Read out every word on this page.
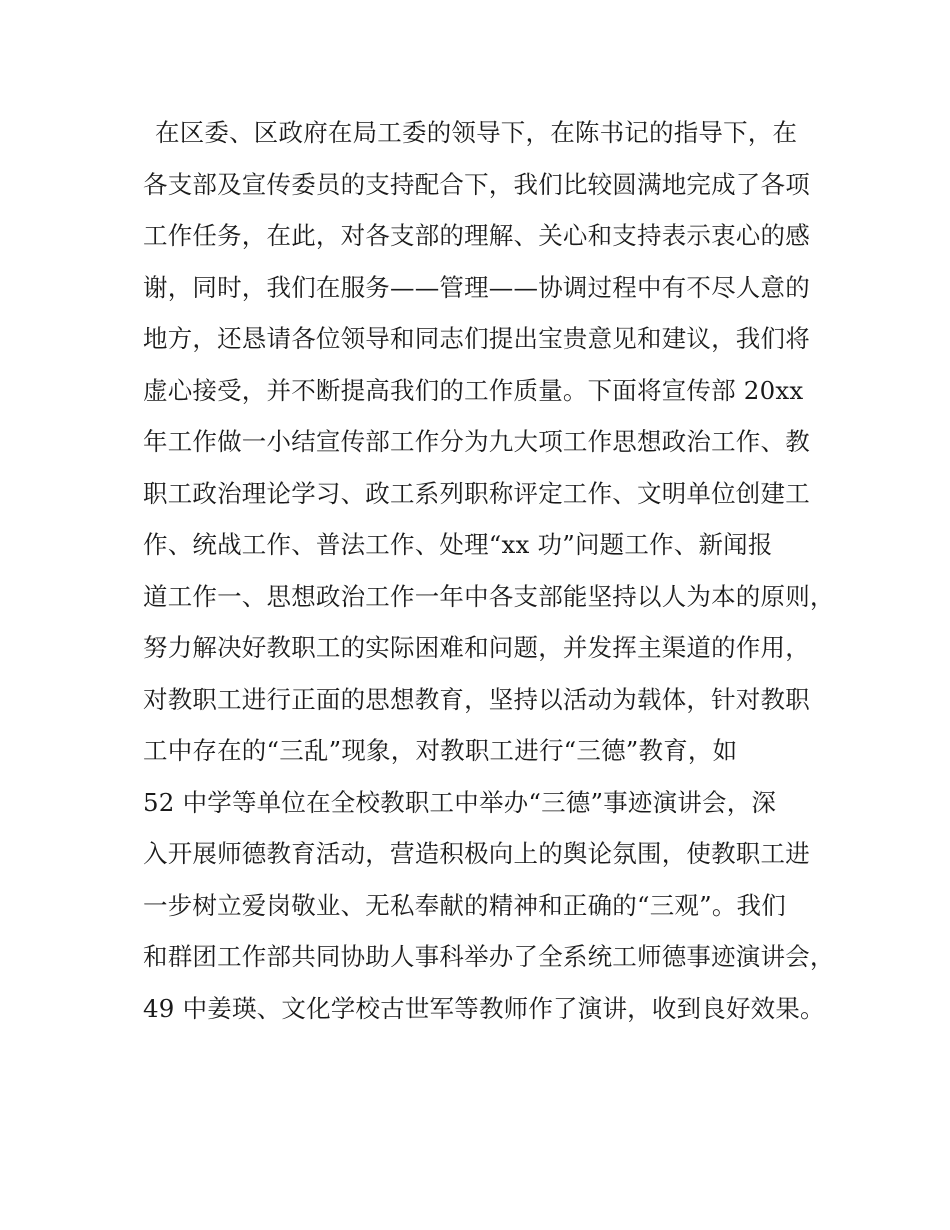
在区委、区政府在局工委的领导下，在陈书记的指导下，在
各支部及宣传委员的支持配合下，我们比较圆满地完成了各项
工作任务，在此，对各支部的理解、关心和支持表示衷心的感
谢，同时，我们在服务——管理——协调过程中有不尽人意的
地方，还恳请各位领导和同志们提出宝贵意见和建议，我们将
虚心接受，并不断提高我们的工作质量。下面将宣传部 20xx
年工作做一小结宣传部工作分为九大项工作思想政治工作、教
职工政治理论学习、政工系列职称评定工作、文明单位创建工
作、统战工作、普法工作、处理“xx 功”问题工作、新闻报
道工作一、思想政治工作一年中各支部能坚持以人为本的原则，
努力解决好教职工的实际困难和问题，并发挥主渠道的作用，
对教职工进行正面的思想教育，坚持以活动为载体，针对教职
工中存在的“三乱”现象，对教职工进行“三德”教育，如
52 中学等单位在全校教职工中举办“三德”事迹演讲会，深
入开展师德教育活动，营造积极向上的舆论氛围，使教职工进
一步树立爱岗敬业、无私奉献的精神和正确的“三观”。我们
和群团工作部共同协助人事科举办了全系统工师德事迹演讲会，
49 中姜瑛、文化学校古世军等教师作了演讲，收到良好效果。
